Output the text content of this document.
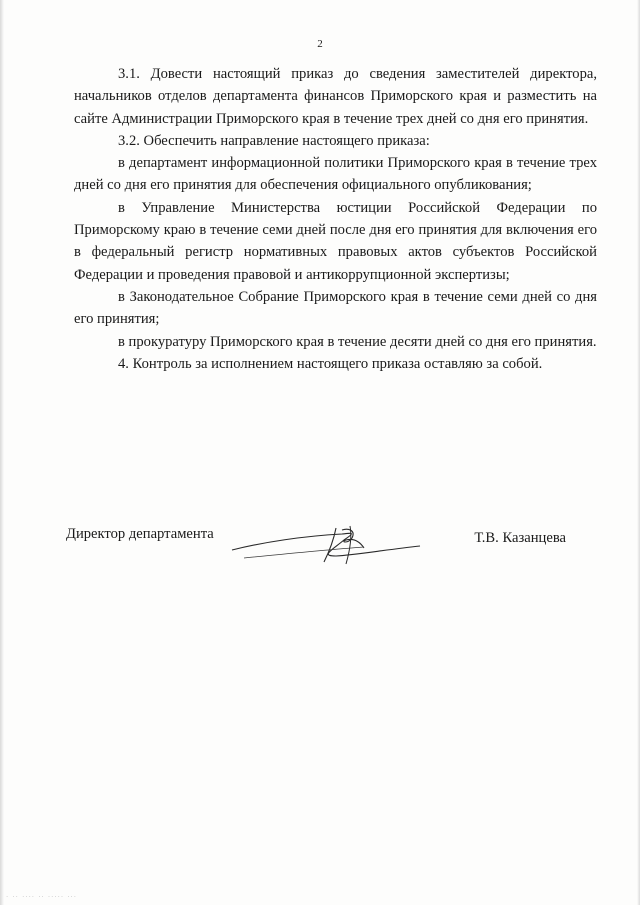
2

3.1. Довести настоящий приказ до сведения заместителей директора, начальников отделов департамента финансов Приморского края и разместить на сайте Администрации Приморского края в течение трех дней со дня его принятия.

3.2. Обеспечить направление настоящего приказа:

в департамент информационной политики Приморского края в течение трех дней со дня его принятия для обеспечения официального опубликования;

в Управление Министерства юстиции Российской Федерации по Приморскому краю в течение семи дней после дня его принятия для включения его в федеральный регистр нормативных правовых актов субъектов Российской Федерации и проведения правовой и антикоррупционной экспертизы;

в Законодательное Собрание Приморского края в течение семи дней со дня его принятия;

в прокуратуру Приморского края в течение десяти дней со дня его принятия.

4. Контроль за исполнением настоящего приказа оставляю за собой.

Директор департамента	Т.В. Казанцева
· ·· ···· ·· ····· ···
